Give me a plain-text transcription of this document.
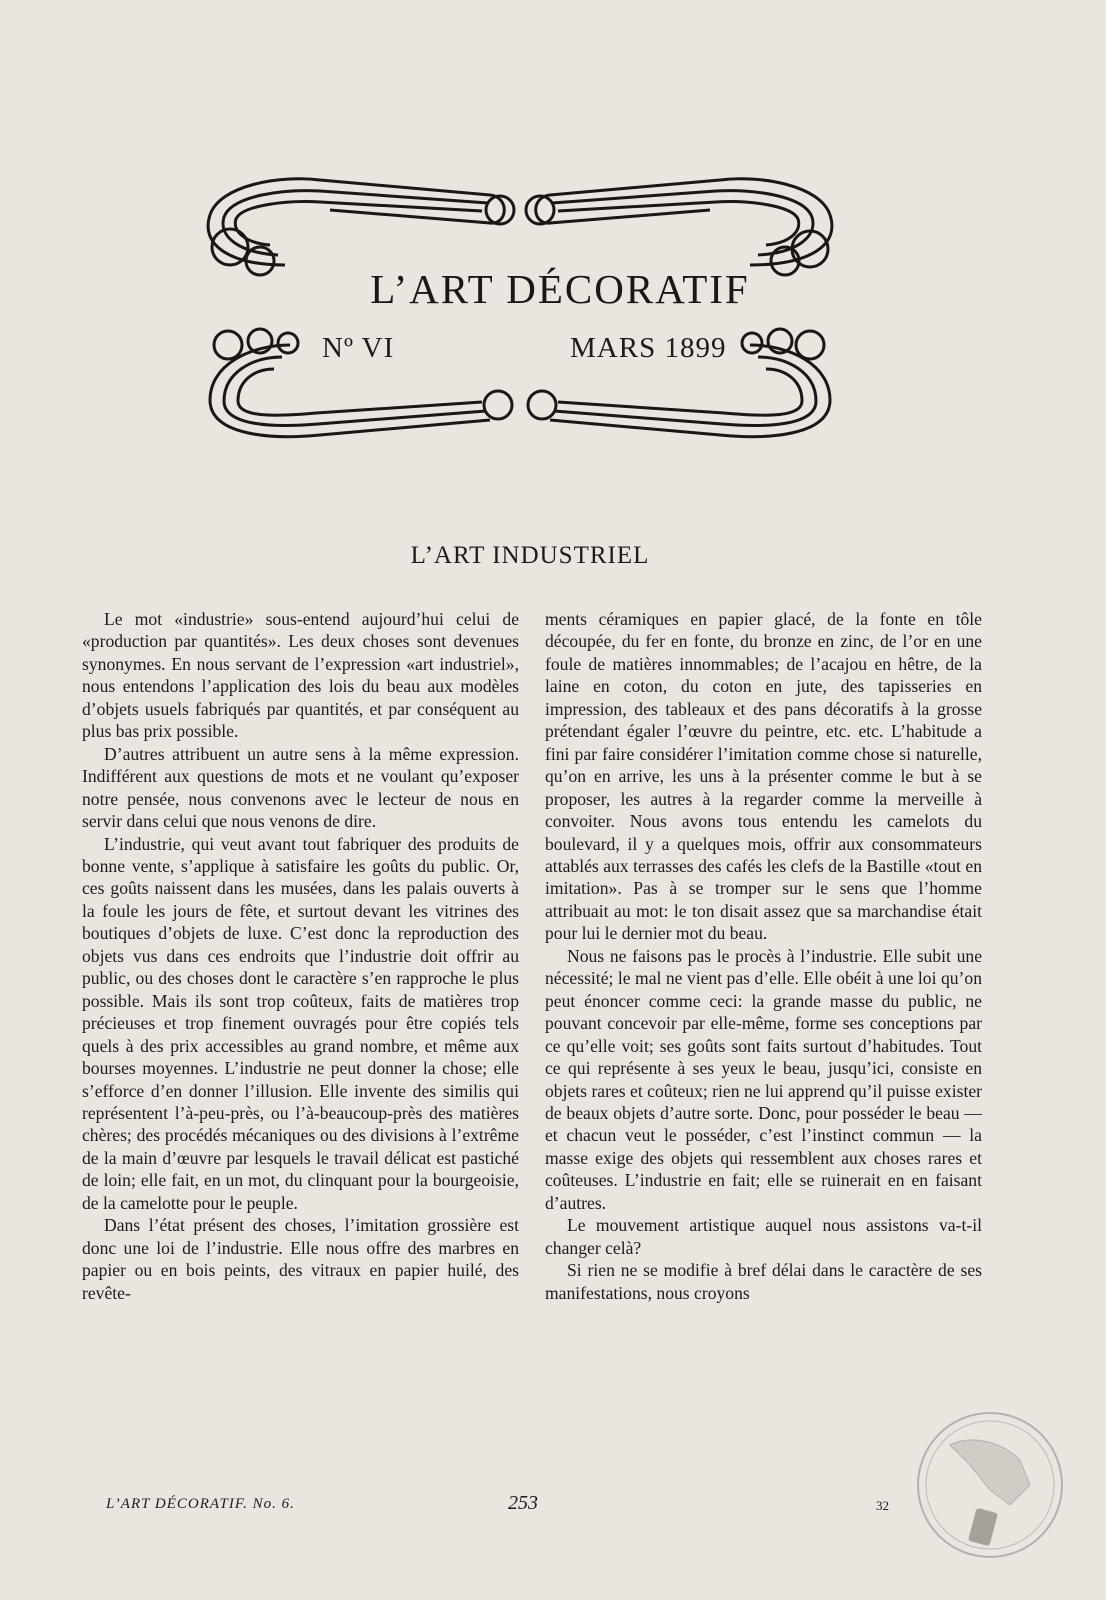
L’ART DÉCORATIF
Nº VI	MARS 1899
L’ART INDUSTRIEL

Le mot «industrie» sous-entend aujourd’hui celui de «production par quantités». Les deux choses sont devenues synonymes. En nous servant de l’expression «art industriel», nous entendons l’application des lois du beau aux modèles d’objets usuels fabriqués par quantités, et par conséquent au plus bas prix possible.

D’autres attribuent un autre sens à la même expression. Indifférent aux questions de mots et ne voulant qu’exposer notre pensée, nous convenons avec le lecteur de nous en servir dans celui que nous venons de dire.

L’industrie, qui veut avant tout fabriquer des produits de bonne vente, s’applique à satisfaire les goûts du public. Or, ces goûts naissent dans les musées, dans les palais ouverts à la foule les jours de fête, et surtout devant les vitrines des boutiques d’objets de luxe. C’est donc la reproduction des objets vus dans ces endroits que l’industrie doit offrir au public, ou des choses dont le caractère s’en rapproche le plus possible. Mais ils sont trop coûteux, faits de matières trop précieuses et trop finement ouvragés pour être copiés tels quels à des prix accessibles au grand nombre, et même aux bourses moyennes. L’industrie ne peut donner la chose; elle s’efforce d’en donner l’illusion. Elle invente des similis qui représentent l’à-peu-près, ou l’à-beaucoup-près des matières chères; des procédés mécaniques ou des divisions à l’extrême de la main d’œuvre par lesquels le travail délicat est pastiché de loin; elle fait, en un mot, du clinquant pour la bourgeoisie, de la camelotte pour le peuple.

Dans l’état présent des choses, l’imitation grossière est donc une loi de l’industrie. Elle nous offre des marbres en papier ou en bois peints, des vitraux en papier huilé, des revête-

ments céramiques en papier glacé, de la fonte en tôle découpée, du fer en fonte, du bronze en zinc, de l’or en une foule de matières innommables; de l’acajou en hêtre, de la laine en coton, du coton en jute, des tapisseries en impression, des tableaux et des pans décoratifs à la grosse prétendant égaler l’œuvre du peintre, etc. etc. L’habitude a fini par faire considérer l’imitation comme chose si naturelle, qu’on en arrive, les uns à la présenter comme le but à se proposer, les autres à la regarder comme la merveille à convoiter. Nous avons tous entendu les camelots du boulevard, il y a quelques mois, offrir aux consommateurs attablés aux terrasses des cafés les clefs de la Bastille «tout en imitation». Pas à se tromper sur le sens que l’homme attribuait au mot: le ton disait assez que sa marchandise était pour lui le dernier mot du beau.

Nous ne faisons pas le procès à l’industrie. Elle subit une nécessité; le mal ne vient pas d’elle. Elle obéit à une loi qu’on peut énoncer comme ceci: la grande masse du public, ne pouvant concevoir par elle-même, forme ses conceptions par ce qu’elle voit; ses goûts sont faits surtout d’habitudes. Tout ce qui représente à ses yeux le beau, jusqu’ici, consiste en objets rares et coûteux; rien ne lui apprend qu’il puisse exister de beaux objets d’autre sorte. Donc, pour posséder le beau — et chacun veut le posséder, c’est l’instinct commun — la masse exige des objets qui ressemblent aux choses rares et coûteuses. L’industrie en fait; elle se ruinerait en en faisant d’autres.

Le mouvement artistique auquel nous assistons va-t-il changer celà?

Si rien ne se modifie à bref délai dans le caractère de ses manifestations, nous croyons

L’ART DÉCORATIF. No. 6.	253	32
